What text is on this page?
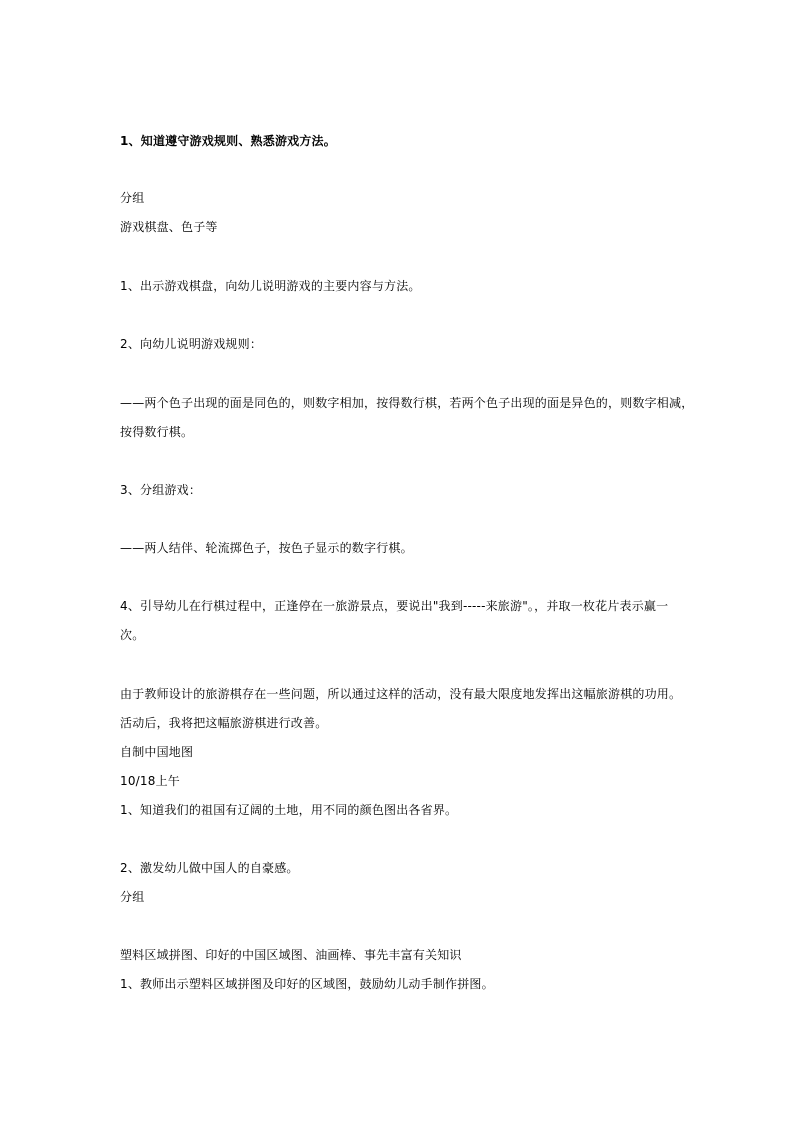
1、知道遵守游戏规则、熟悉游戏方法。
分组
游戏棋盘、色子等
1、出示游戏棋盘，向幼儿说明游戏的主要内容与方法。
2、向幼儿说明游戏规则：
——两个色子出现的面是同色的，则数字相加，按得数行棋，若两个色子出现的面是异色的，则数字相减，
按得数行棋。
3、分组游戏：
——两人结伴、轮流掷色子，按色子显示的数字行棋。
4、引导幼儿在行棋过程中，正逢停在一旅游景点，要说出"我到-----来旅游"。，并取一枚花片表示赢一
次。
由于教师设计的旅游棋存在一些问题，所以通过这样的活动，没有最大限度地发挥出这幅旅游棋的功用。
活动后，我将把这幅旅游棋进行改善。
自制中国地图
10/18上午
1、知道我们的祖国有辽阔的土地，用不同的颜色图出各省界。
2、激发幼儿做中国人的自豪感。
分组
塑料区域拼图、印好的中国区域图、油画棒、事先丰富有关知识
1、教师出示塑料区域拼图及印好的区域图，鼓励幼儿动手制作拼图。
